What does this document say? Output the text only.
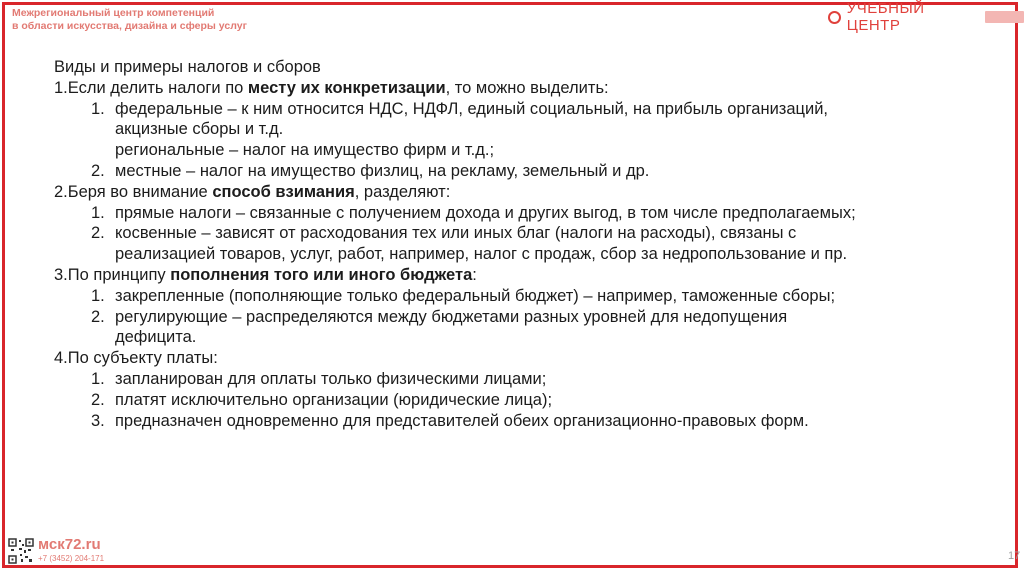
Межрегиональный центр компетенций
в области искусства, дизайна и сферы услуг
УЧЕБНЫЙ ЦЕНТР
Виды и примеры налогов и сборов
1.Если делить налоги по месту их конкретизации, то можно выделить:
1. федеральные – к ним относится НДС, НДФЛ, единый социальный, на прибыль организаций,
акцизные сборы и т.д.
региональные – налог на имущество фирм и т.д.;
2. местные – налог на имущество физлиц, на рекламу, земельный и др.
2.Беря во внимание способ взимания, разделяют:
1. прямые налоги – связанные с получением дохода и других выгод, в том числе предполагаемых;
2. косвенные – зависят от расходования тех или иных благ (налоги на расходы), связаны с
реализацией товаров, услуг, работ, например, налог с продаж, сбор за недропользование и пр.
3.По принципу пополнения того или иного бюджета:
1. закрепленные (пополняющие только федеральный бюджет) – например, таможенные сборы;
2. регулирующие – распределяются между бюджетами разных уровней для недопущения
дефицита.
4.По субъекту платы:
1. запланирован для оплаты только физическими лицами;
2. платят исключительно организации (юридические лица);
3. предназначен одновременно для представителей обеих организационно-правовых форм.
мск72.ru
+7 (3452) 204-171	17
